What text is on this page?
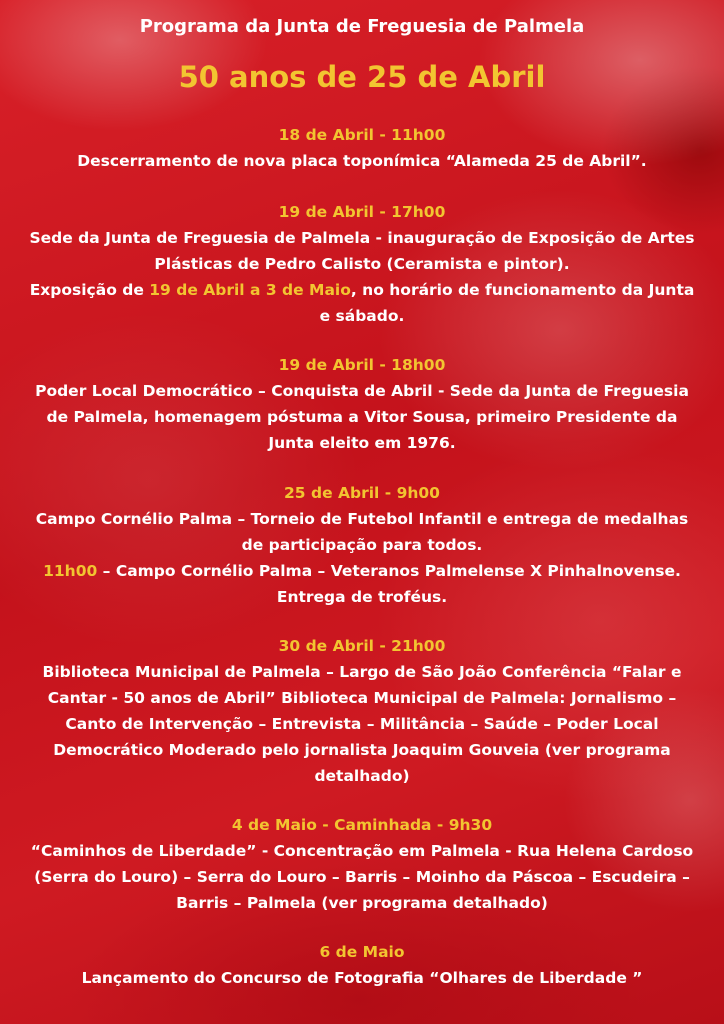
Programa da Junta de Freguesia de Palmela
50 anos de 25 de Abril
18 de Abril - 11h00
Descerramento de nova placa toponímica “Alameda 25 de Abril”.
19 de Abril - 17h00
Sede da Junta de Freguesia de Palmela - inauguração de Exposição de Artes
Plásticas de Pedro Calisto (Ceramista e pintor).
Exposição de 19 de Abril a 3 de Maio, no horário de funcionamento da Junta
e sábado.
19 de Abril - 18h00
Poder Local Democrático – Conquista de Abril - Sede da Junta de Freguesia
de Palmela, homenagem póstuma a Vitor Sousa, primeiro Presidente da
Junta eleito em 1976.
25 de Abril - 9h00
Campo Cornélio Palma – Torneio de Futebol Infantil e entrega de medalhas
de participação para todos.
11h00 – Campo Cornélio Palma – Veteranos Palmelense X Pinhalnovense.
Entrega de troféus.
30 de Abril - 21h00
Biblioteca Municipal de Palmela – Largo de São João Conferência “Falar e
Cantar - 50 anos de Abril” Biblioteca Municipal de Palmela: Jornalismo –
Canto de Intervenção – Entrevista – Militância – Saúde – Poder Local
Democrático Moderado pelo jornalista Joaquim Gouveia (ver programa
detalhado)
4 de Maio - Caminhada - 9h30
“Caminhos de Liberdade” - Concentração em Palmela - Rua Helena Cardoso
(Serra do Louro) – Serra do Louro – Barris – Moinho da Páscoa – Escudeira –
Barris – Palmela (ver programa detalhado)
6 de Maio
Lançamento do Concurso de Fotografia “Olhares de Liberdade ”
